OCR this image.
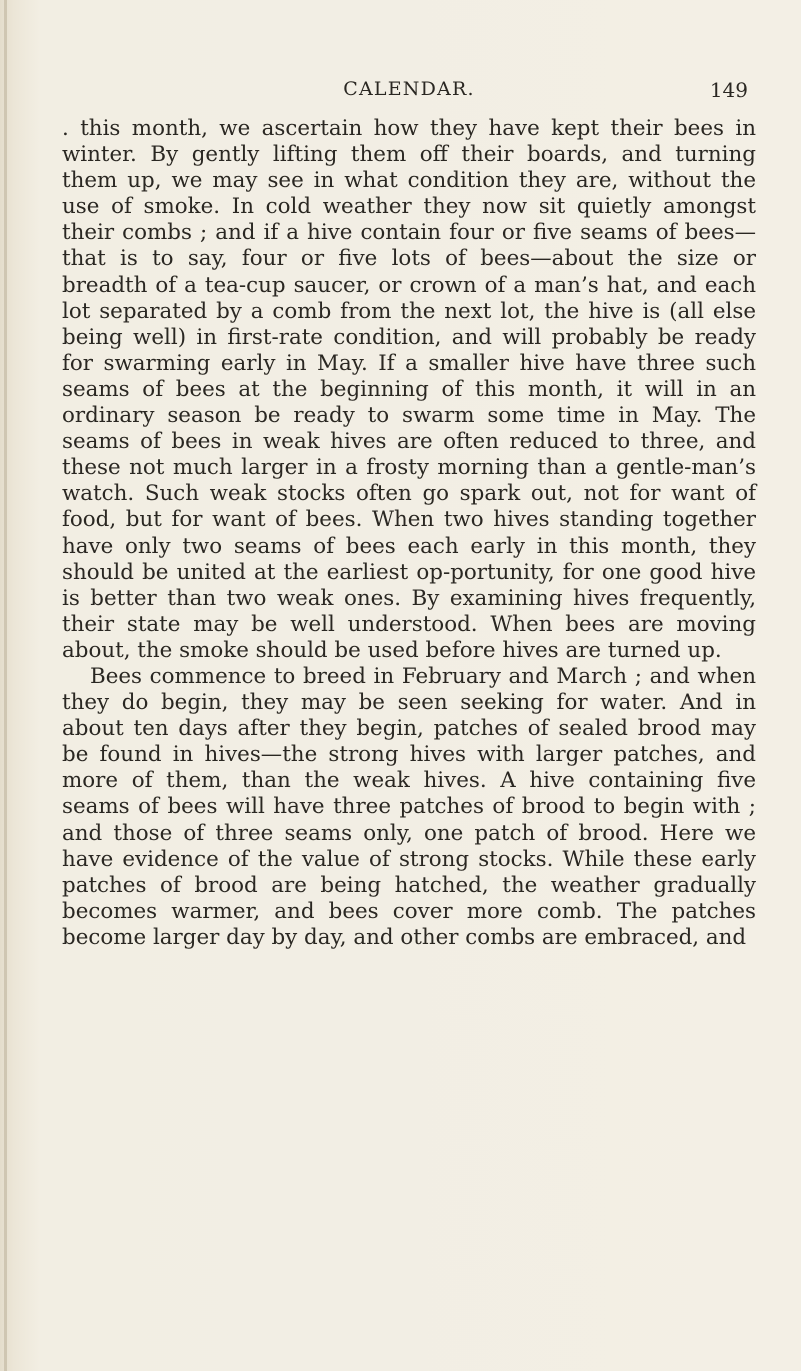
CALENDAR.	149

. this month, we ascertain how they have kept their bees in winter. By gently lifting them off their boards, and turning them up, we may see in what condition they are, without the use of smoke. In cold weather they now sit quietly amongst their combs ; and if a hive contain four or five seams of bees—that is to say, four or five lots of bees—about the size or breadth of a tea-cup saucer, or crown of a man’s hat, and each lot separated by a comb from the next lot, the hive is (all else being well) in first-rate condition, and will probably be ready for swarming early in May. If a smaller hive have three such seams of bees at the beginning of this month, it will in an ordinary season be ready to swarm some time in May. The seams of bees in weak hives are often reduced to three, and these not much larger in a frosty morning than a gentle-man’s watch. Such weak stocks often go spark out, not for want of food, but for want of bees. When two hives standing together have only two seams of bees each early in this month, they should be united at the earliest op-portunity, for one good hive is better than two weak ones. By examining hives frequently, their state may be well understood. When bees are moving about, the smoke should be used before hives are turned up.

Bees commence to breed in February and March ; and when they do begin, they may be seen seeking for water. And in about ten days after they begin, patches of sealed brood may be found in hives—the strong hives with larger patches, and more of them, than the weak hives. A hive containing five seams of bees will have three patches of brood to begin with ; and those of three seams only, one patch of brood. Here we have evidence of the value of strong stocks. While these early patches of brood are being hatched, the weather gradually becomes warmer, and bees cover more comb. The patches become larger day by day, and other combs are embraced, and
